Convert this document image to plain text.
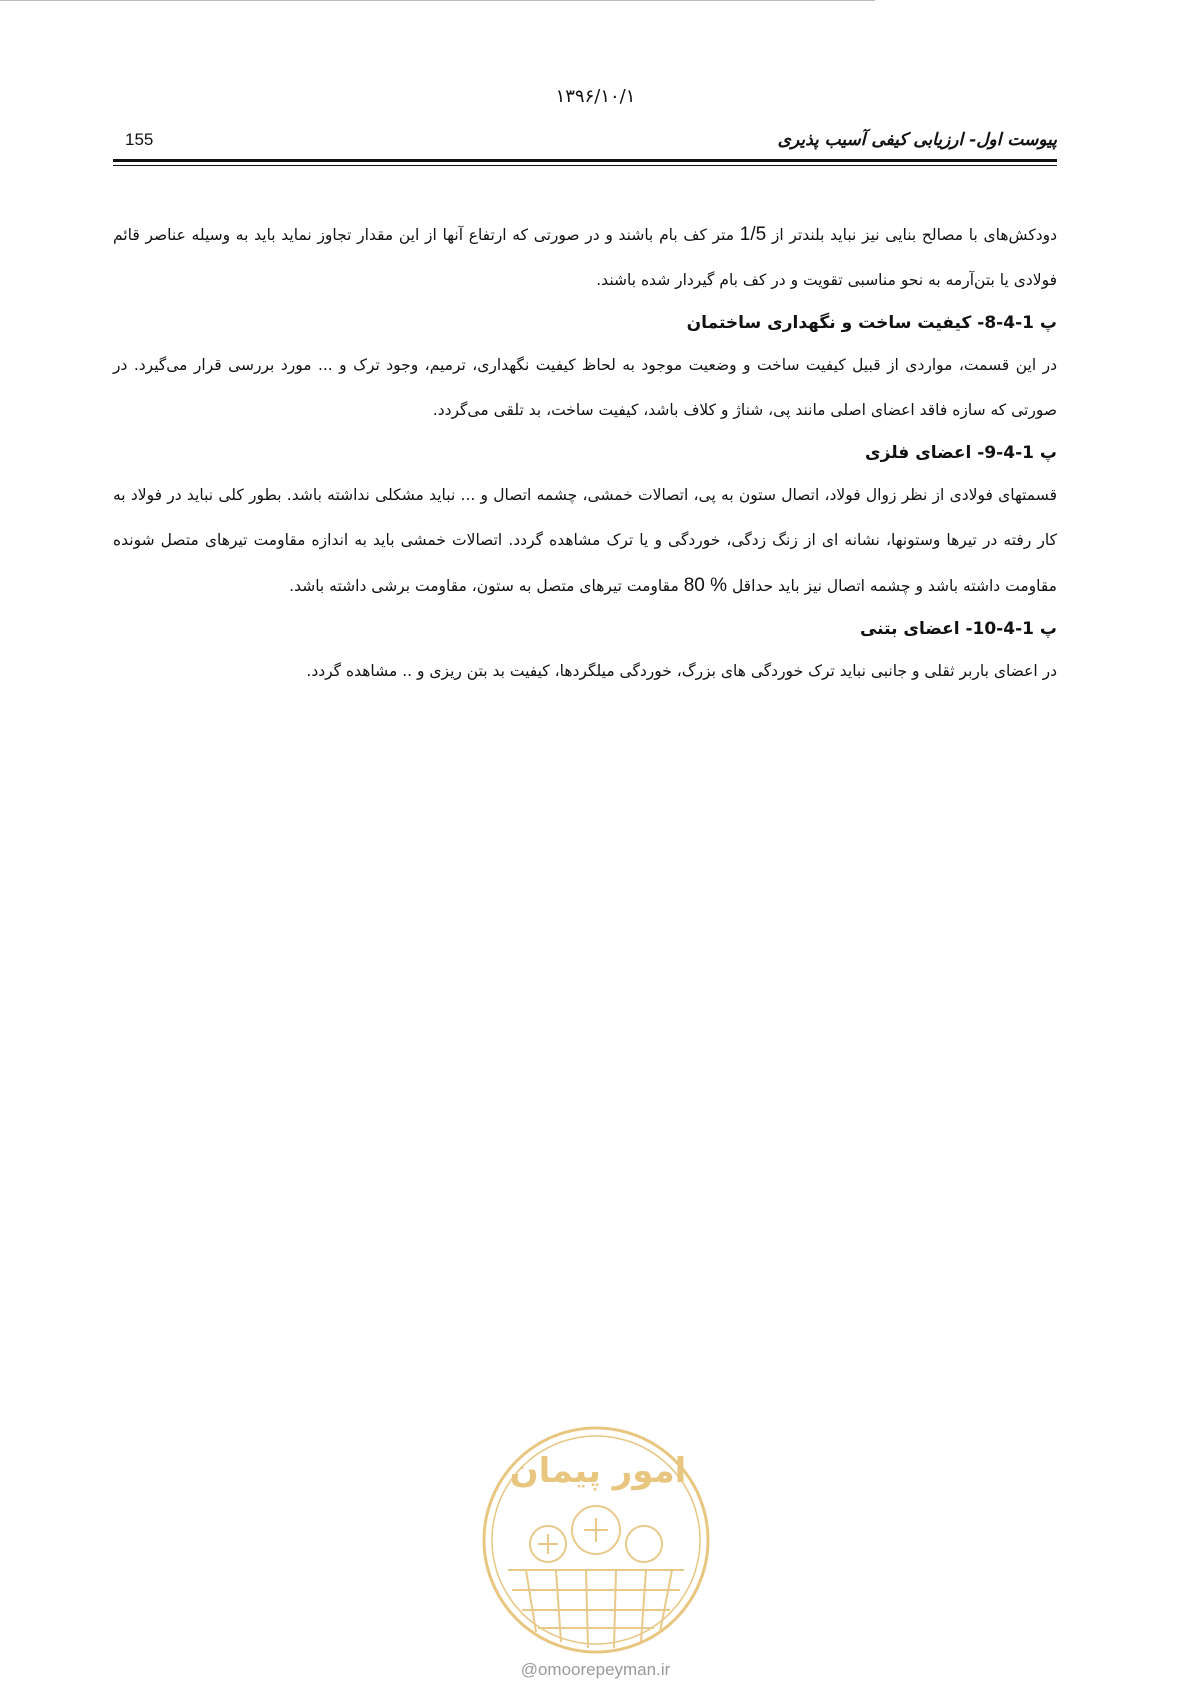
۱۳۹۶/۱۰/۱
155	پیوست اول- ارزیابی کیفی آسیب پذیری

دودکش‌های با مصالح بنایی نیز نباید بلندتر از 1/5 متر کف بام باشند و در صورتی که ارتفاع آنها از این مقدار تجاوز نماید باید به وسیله عناصر قائم فولادی یا بتن‌آرمه به نحو مناسبی تقویت و در کف بام گیردار شده باشند.

پ 1-4-8- کیفیت ساخت و نگهداری ساختمان

در این قسمت، مواردی از قبیل کیفیت ساخت و وضعیت موجود به لحاظ کیفیت نگهداری، ترمیم، وجود ترک و ... مورد بررسی قرار می‌گیرد. در صورتی که سازه فاقد اعضای اصلی مانند پی، شناژ و کلاف باشد، کیفیت ساخت، بد تلقی می‌گردد.

پ 1-4-9- اعضای فلزی

قسمتهای فولادی از نظر زوال فولاد، اتصال ستون به پی، اتصالات خمشی، چشمه اتصال و ... نباید مشکلی نداشته باشد. بطور کلی نباید در فولاد به کار رفته در تیرها وستونها، نشانه ای از زنگ زدگی، خوردگی و یا ترک مشاهده گردد. اتصالات خمشی باید به اندازه مقاومت تیرهای متصل شونده مقاومت داشته باشد و چشمه اتصال نیز باید حداقل 80 % مقاومت تیرهای متصل به ستون، مقاومت برشی داشته باشد.

پ 1-4-10- اعضای بتنی

در اعضای باربر ثقلی و جانبی نباید ترک خوردگی های بزرگ، خوردگی میلگردها، کیفیت بد بتن ریزی و .. مشاهده گردد.

امور پیمان
@omoorepeyman.ir
